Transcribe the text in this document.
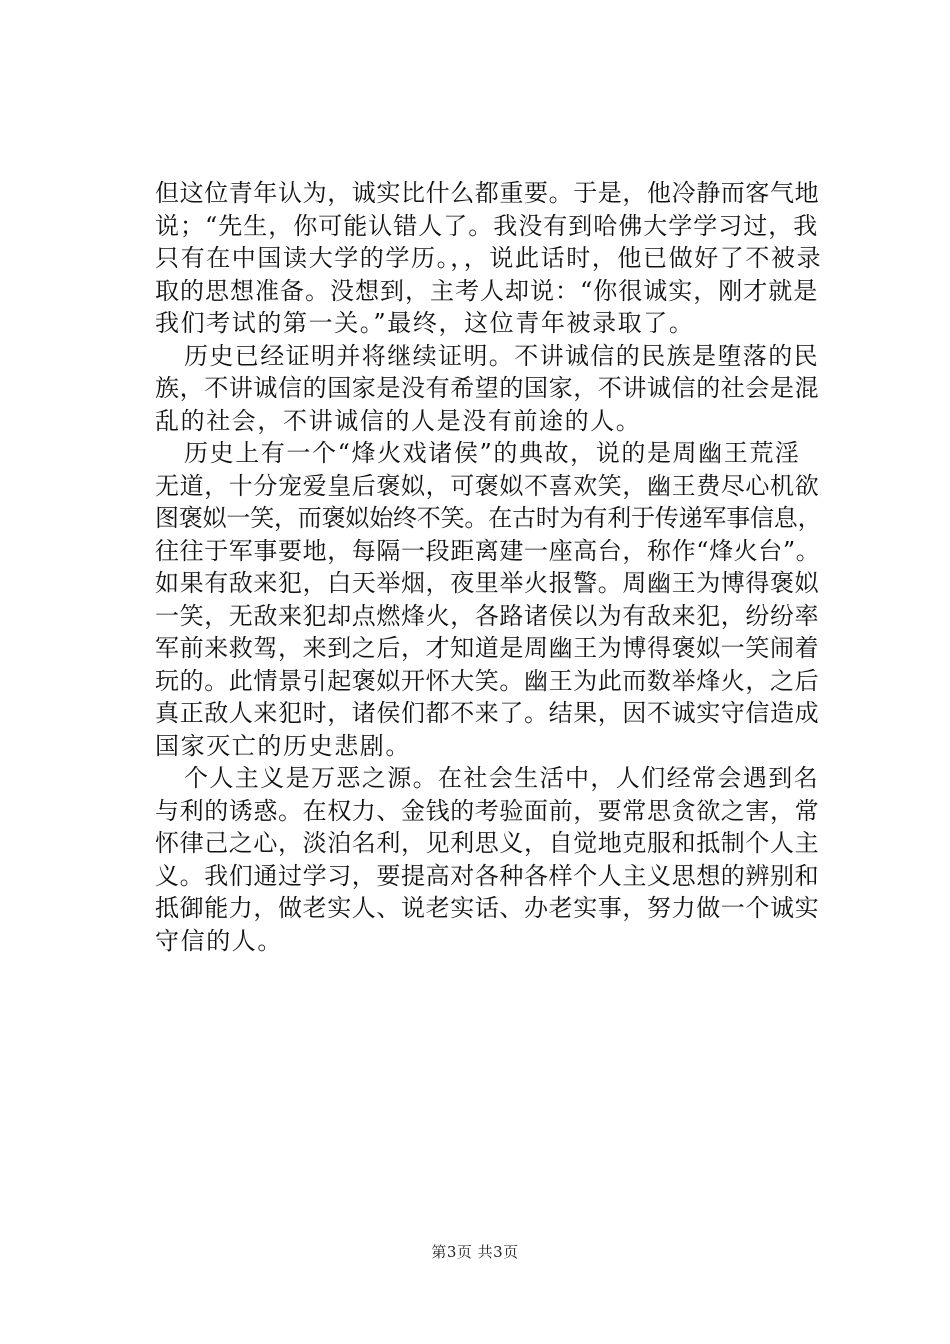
但这位青年认为，诚实比什么都重要。于是，他冷静而客气地
说；“先生，你可能认错人了。我没有到哈佛大学学习过，我
只有在中国读大学的学历。，，说此话时，他已做好了不被录
取的思想准备。没想到，主考人却说：“你很诚实，刚才就是
我们考试的第一关。”最终，这位青年被录取了。
历史已经证明并将继续证明。不讲诚信的民族是堕落的民
族，不讲诚信的国家是没有希望的国家，不讲诚信的社会是混
乱的社会，不讲诚信的人是没有前途的人。
历史上有一个“烽火戏诸侯”的典故，说的是周幽王荒淫
无道，十分宠爱皇后褒姒，可褒姒不喜欢笑，幽王费尽心机欲
图褒姒一笑，而褒姒始终不笑。在古时为有利于传递军事信息，
往往于军事要地，每隔一段距离建一座高台，称作“烽火台”。
如果有敌来犯，白天举烟，夜里举火报警。周幽王为博得褒姒
一笑，无敌来犯却点燃烽火，各路诸侯以为有敌来犯，纷纷率
军前来救驾，来到之后，才知道是周幽王为博得褒姒一笑闹着
玩的。此情景引起褒姒开怀大笑。幽王为此而数举烽火，之后
真正敌人来犯时，诸侯们都不来了。结果，因不诚实守信造成
国家灭亡的历史悲剧。
个人主义是万恶之源。在社会生活中，人们经常会遇到名
与利的诱惑。在权力、金钱的考验面前，要常思贪欲之害，常
怀律己之心，淡泊名利，见利思义，自觉地克服和抵制个人主
义。我们通过学习，要提高对各种各样个人主义思想的辨别和
抵御能力，做老实人、说老实话、办老实事，努力做一个诚实
守信的人。
第3页 共3页
